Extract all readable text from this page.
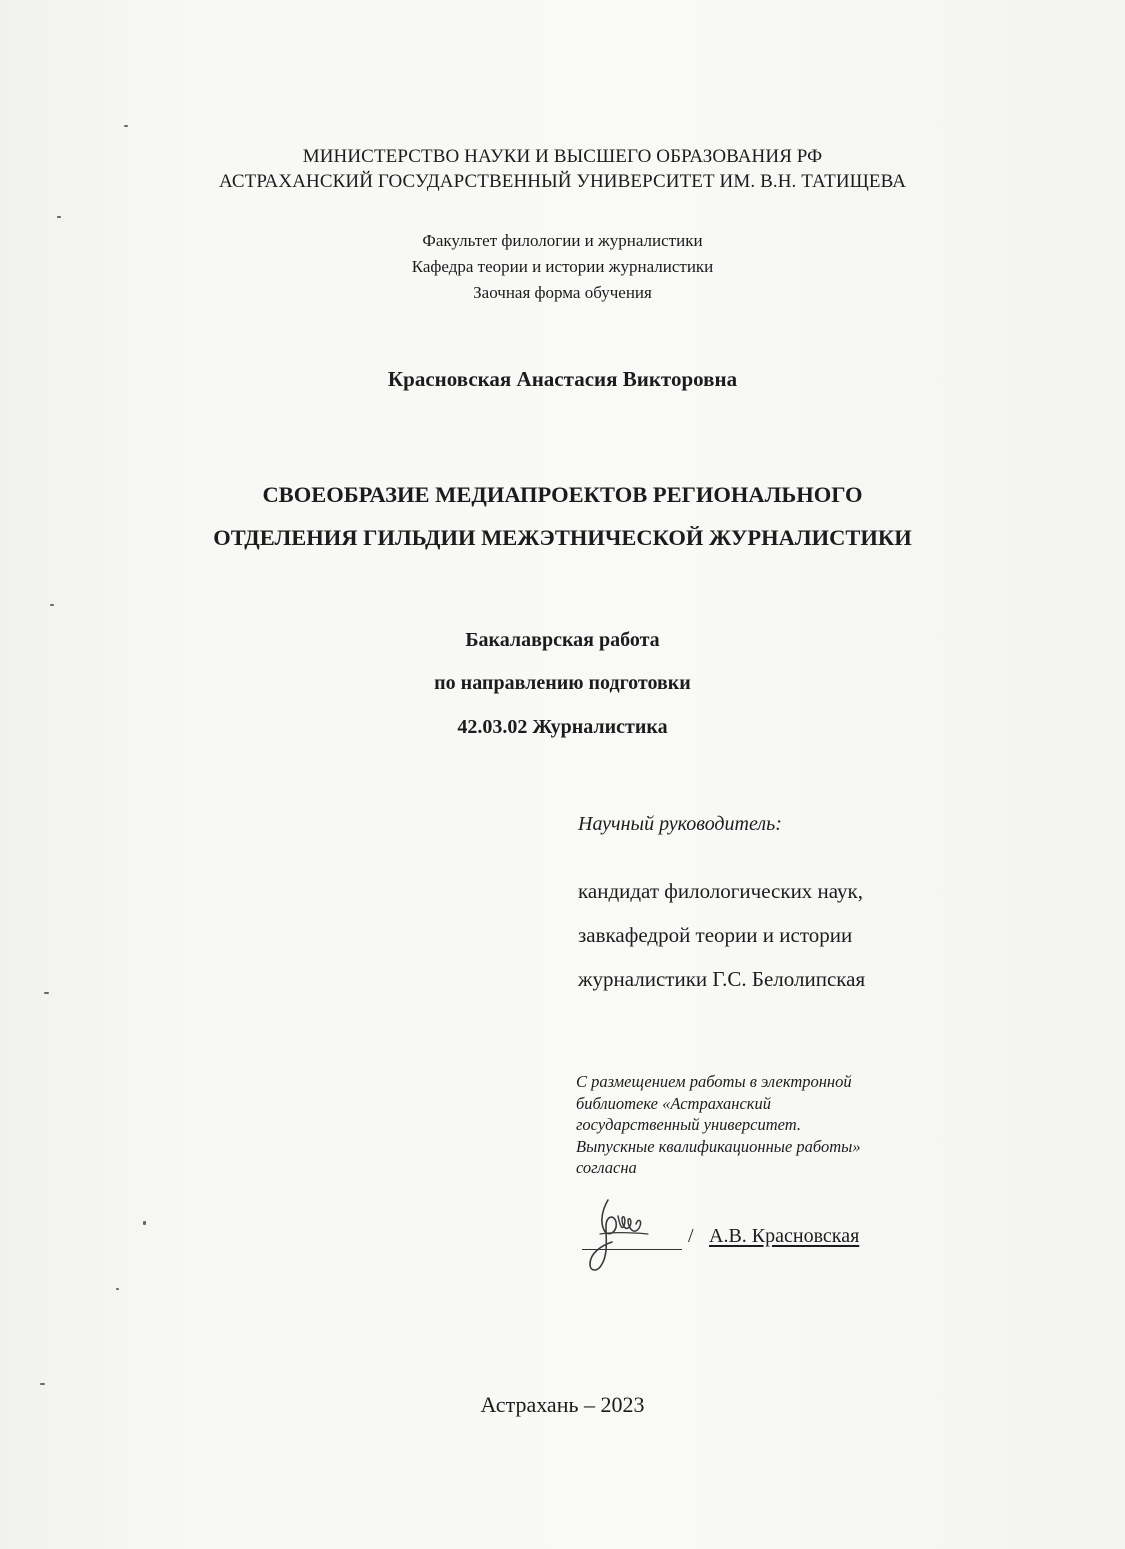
МИНИСТЕРСТВО НАУКИ И ВЫСШЕГО ОБРАЗОВАНИЯ РФ
АСТРАХАНСКИЙ ГОСУДАРСТВЕННЫЙ УНИВЕРСИТЕТ ИМ. В.Н. ТАТИЩЕВА
Факультет филологии и журналистики
Кафедра теории и истории журналистики
Заочная форма обучения
Красновская Анастасия Викторовна
СВОЕОБРАЗИЕ МЕДИАПРОЕКТОВ РЕГИОНАЛЬНОГО
ОТДЕЛЕНИЯ ГИЛЬДИИ МЕЖЭТНИЧЕСКОЙ ЖУРНАЛИСТИКИ
Бакалаврская работа
по направлению подготовки
42.03.02 Журналистика
Научный руководитель:
кандидат филологических наук,
завкафедрой теории и истории
журналистики Г.С. Белолипская
С размещением работы в электронной
библиотеке «Астраханский
государственный университет.
Выпускные квалификационные работы»
согласна
/ А.В. Красновская
Астрахань – 2023
